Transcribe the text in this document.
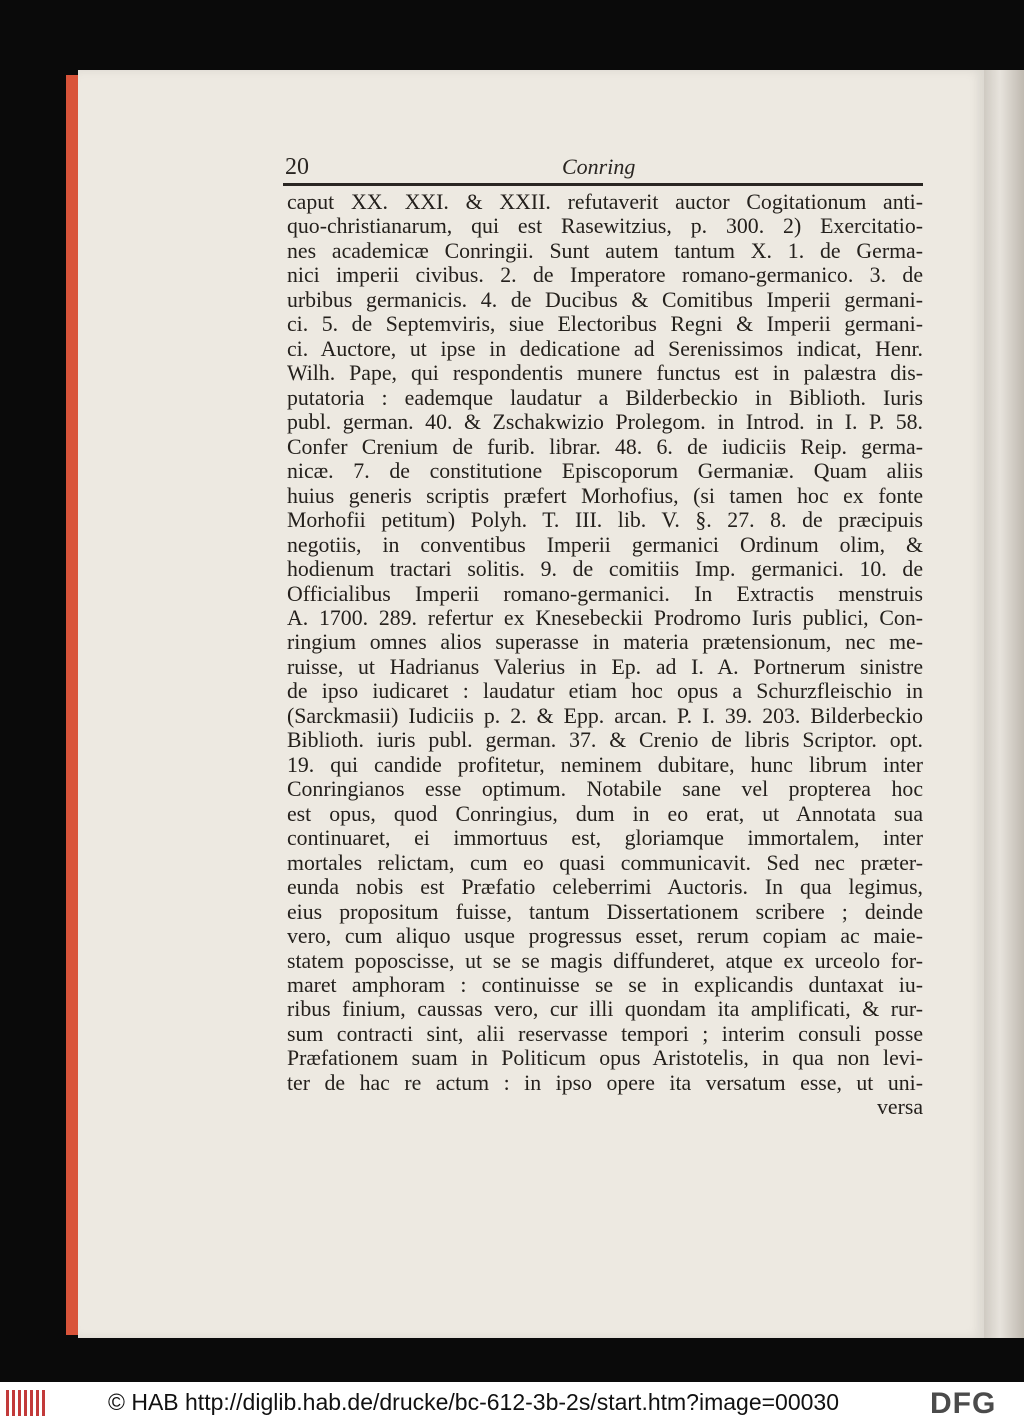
20	Conring
caput XX. XXI. & XXII. refutaverit auctor Cogitationum anti-
quo-christianarum, qui est Rasewitzius, p. 300. 2) Exercitatio-
nes academicæ Conringii. Sunt autem tantum X. 1. de Germa-
nici imperii civibus. 2. de Imperatore romano-germanico. 3. de
urbibus germanicis. 4. de Ducibus & Comitibus Imperii germani-
ci. 5. de Septemviris, siue Electoribus Regni & Imperii germani-
ci. Auctore, ut ipse in dedicatione ad Serenissimos indicat, Henr.
Wilh. Pape, qui respondentis munere functus est in palæstra dis-
putatoria : eademque laudatur a Bilderbeckio in Biblioth. Iuris
publ. german. 40. & Zschakwizio Prolegom. in Introd. in I. P. 58.
Confer Crenium de furib. librar. 48. 6. de iudiciis Reip. germa-
nicæ. 7. de constitutione Episcoporum Germaniæ. Quam aliis
huius generis scriptis præfert Morhofius, (si tamen hoc ex fonte
Morhofii petitum) Polyh. T. III. lib. V. §. 27. 8. de præcipuis
negotiis, in conventibus Imperii germanici Ordinum olim, &
hodienum tractari solitis. 9. de comitiis Imp. germanici. 10. de
Officialibus Imperii romano-germanici. In Extractis menstruis
A. 1700. 289. refertur ex Knesebeckii Prodromo Iuris publici, Con-
ringium omnes alios superasse in materia prætensionum, nec me-
ruisse, ut Hadrianus Valerius in Ep. ad I. A. Portnerum sinistre
de ipso iudicaret : laudatur etiam hoc opus a Schurzfleischio in
(Sarckmasii) Iudiciis p. 2. & Epp. arcan. P. I. 39. 203. Bilderbeckio
Biblioth. iuris publ. german. 37. & Crenio de libris Scriptor. opt.
19. qui candide profitetur, neminem dubitare, hunc librum inter
Conringianos esse optimum. Notabile sane vel propterea hoc
est opus, quod Conringius, dum in eo erat, ut Annotata sua
continuaret, ei immortuus est, gloriamque immortalem, inter
mortales relictam, cum eo quasi communicavit. Sed nec præter-
eunda nobis est Præfatio celeberrimi Auctoris. In qua legimus,
eius propositum fuisse, tantum Dissertationem scribere ; deinde
vero, cum aliquo usque progressus esset, rerum copiam ac maie-
statem poposcisse, ut se se magis diffunderet, atque ex urceolo for-
maret amphoram : continuisse se se in explicandis duntaxat iu-
ribus finium, caussas vero, cur illi quondam ita amplificati, & rur-
sum contracti sint, alii reservasse tempori ; interim consuli posse
Præfationem suam in Politicum opus Aristotelis, in qua non levi-
ter de hac re actum : in ipso opere ita versatum esse, ut uni-
versa
© HAB http://diglib.hab.de/drucke/bc-612-3b-2s/start.htm?image=00030	DFG
